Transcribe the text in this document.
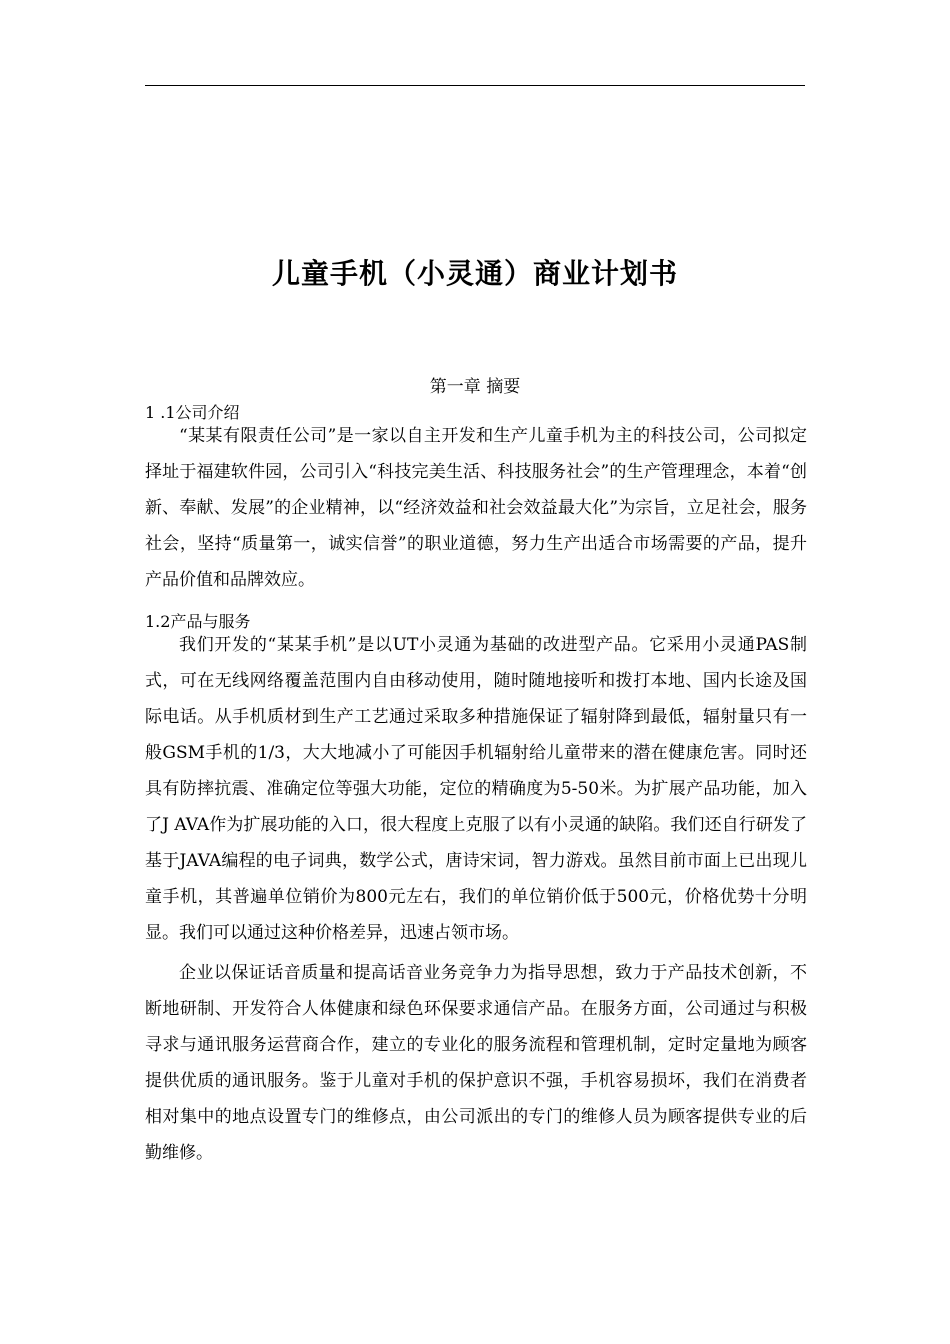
儿童手机（小灵通）商业计划书
第一章 摘要
1 .1公司介绍

“某某有限责任公司”是一家以自主开发和生产儿童手机为主的科技公司，公司拟定择址于福建软件园，公司引入“科技完美生活、科技服务社会”的生产管理理念，本着“创新、奉献、发展”的企业精神，以“经济效益和社会效益最大化”为宗旨，立足社会，服务社会，坚持“质量第一，诚实信誉”的职业道德，努力生产出适合市场需要的产品，提升产品价值和品牌效应。

1.2产品与服务

我们开发的“某某手机”是以UT小灵通为基础的改进型产品。它采用小灵通PAS制式，可在无线网络覆盖范围内自由移动使用，随时随地接听和拨打本地、国内长途及国际电话。从手机质材到生产工艺通过采取多种措施保证了辐射降到最低，辐射量只有一般GSM手机的1/3，大大地减小了可能因手机辐射给儿童带来的潜在健康危害。同时还具有防摔抗震、准确定位等强大功能，定位的精确度为5-50米。为扩展产品功能，加入了J AVA作为扩展功能的入口，很大程度上克服了以有小灵通的缺陷。我们还自行研发了基于JAVA编程的电子词典，数学公式，唐诗宋词，智力游戏。虽然目前市面上已出现儿童手机，其普遍单位销价为800元左右，我们的单位销价低于500元，价格优势十分明显。我们可以通过这种价格差异，迅速占领市场。

企业以保证话音质量和提高话音业务竞争力为指导思想，致力于产品技术创新，不断地研制、开发符合人体健康和绿色环保要求通信产品。在服务方面，公司通过与积极寻求与通讯服务运营商合作，建立的专业化的服务流程和管理机制，定时定量地为顾客提供优质的通讯服务。鉴于儿童对手机的保护意识不强，手机容易损坏，我们在消费者相对集中的地点设置专门的维修点，由公司派出的专门的维修人员为顾客提供专业的后勤维修。
